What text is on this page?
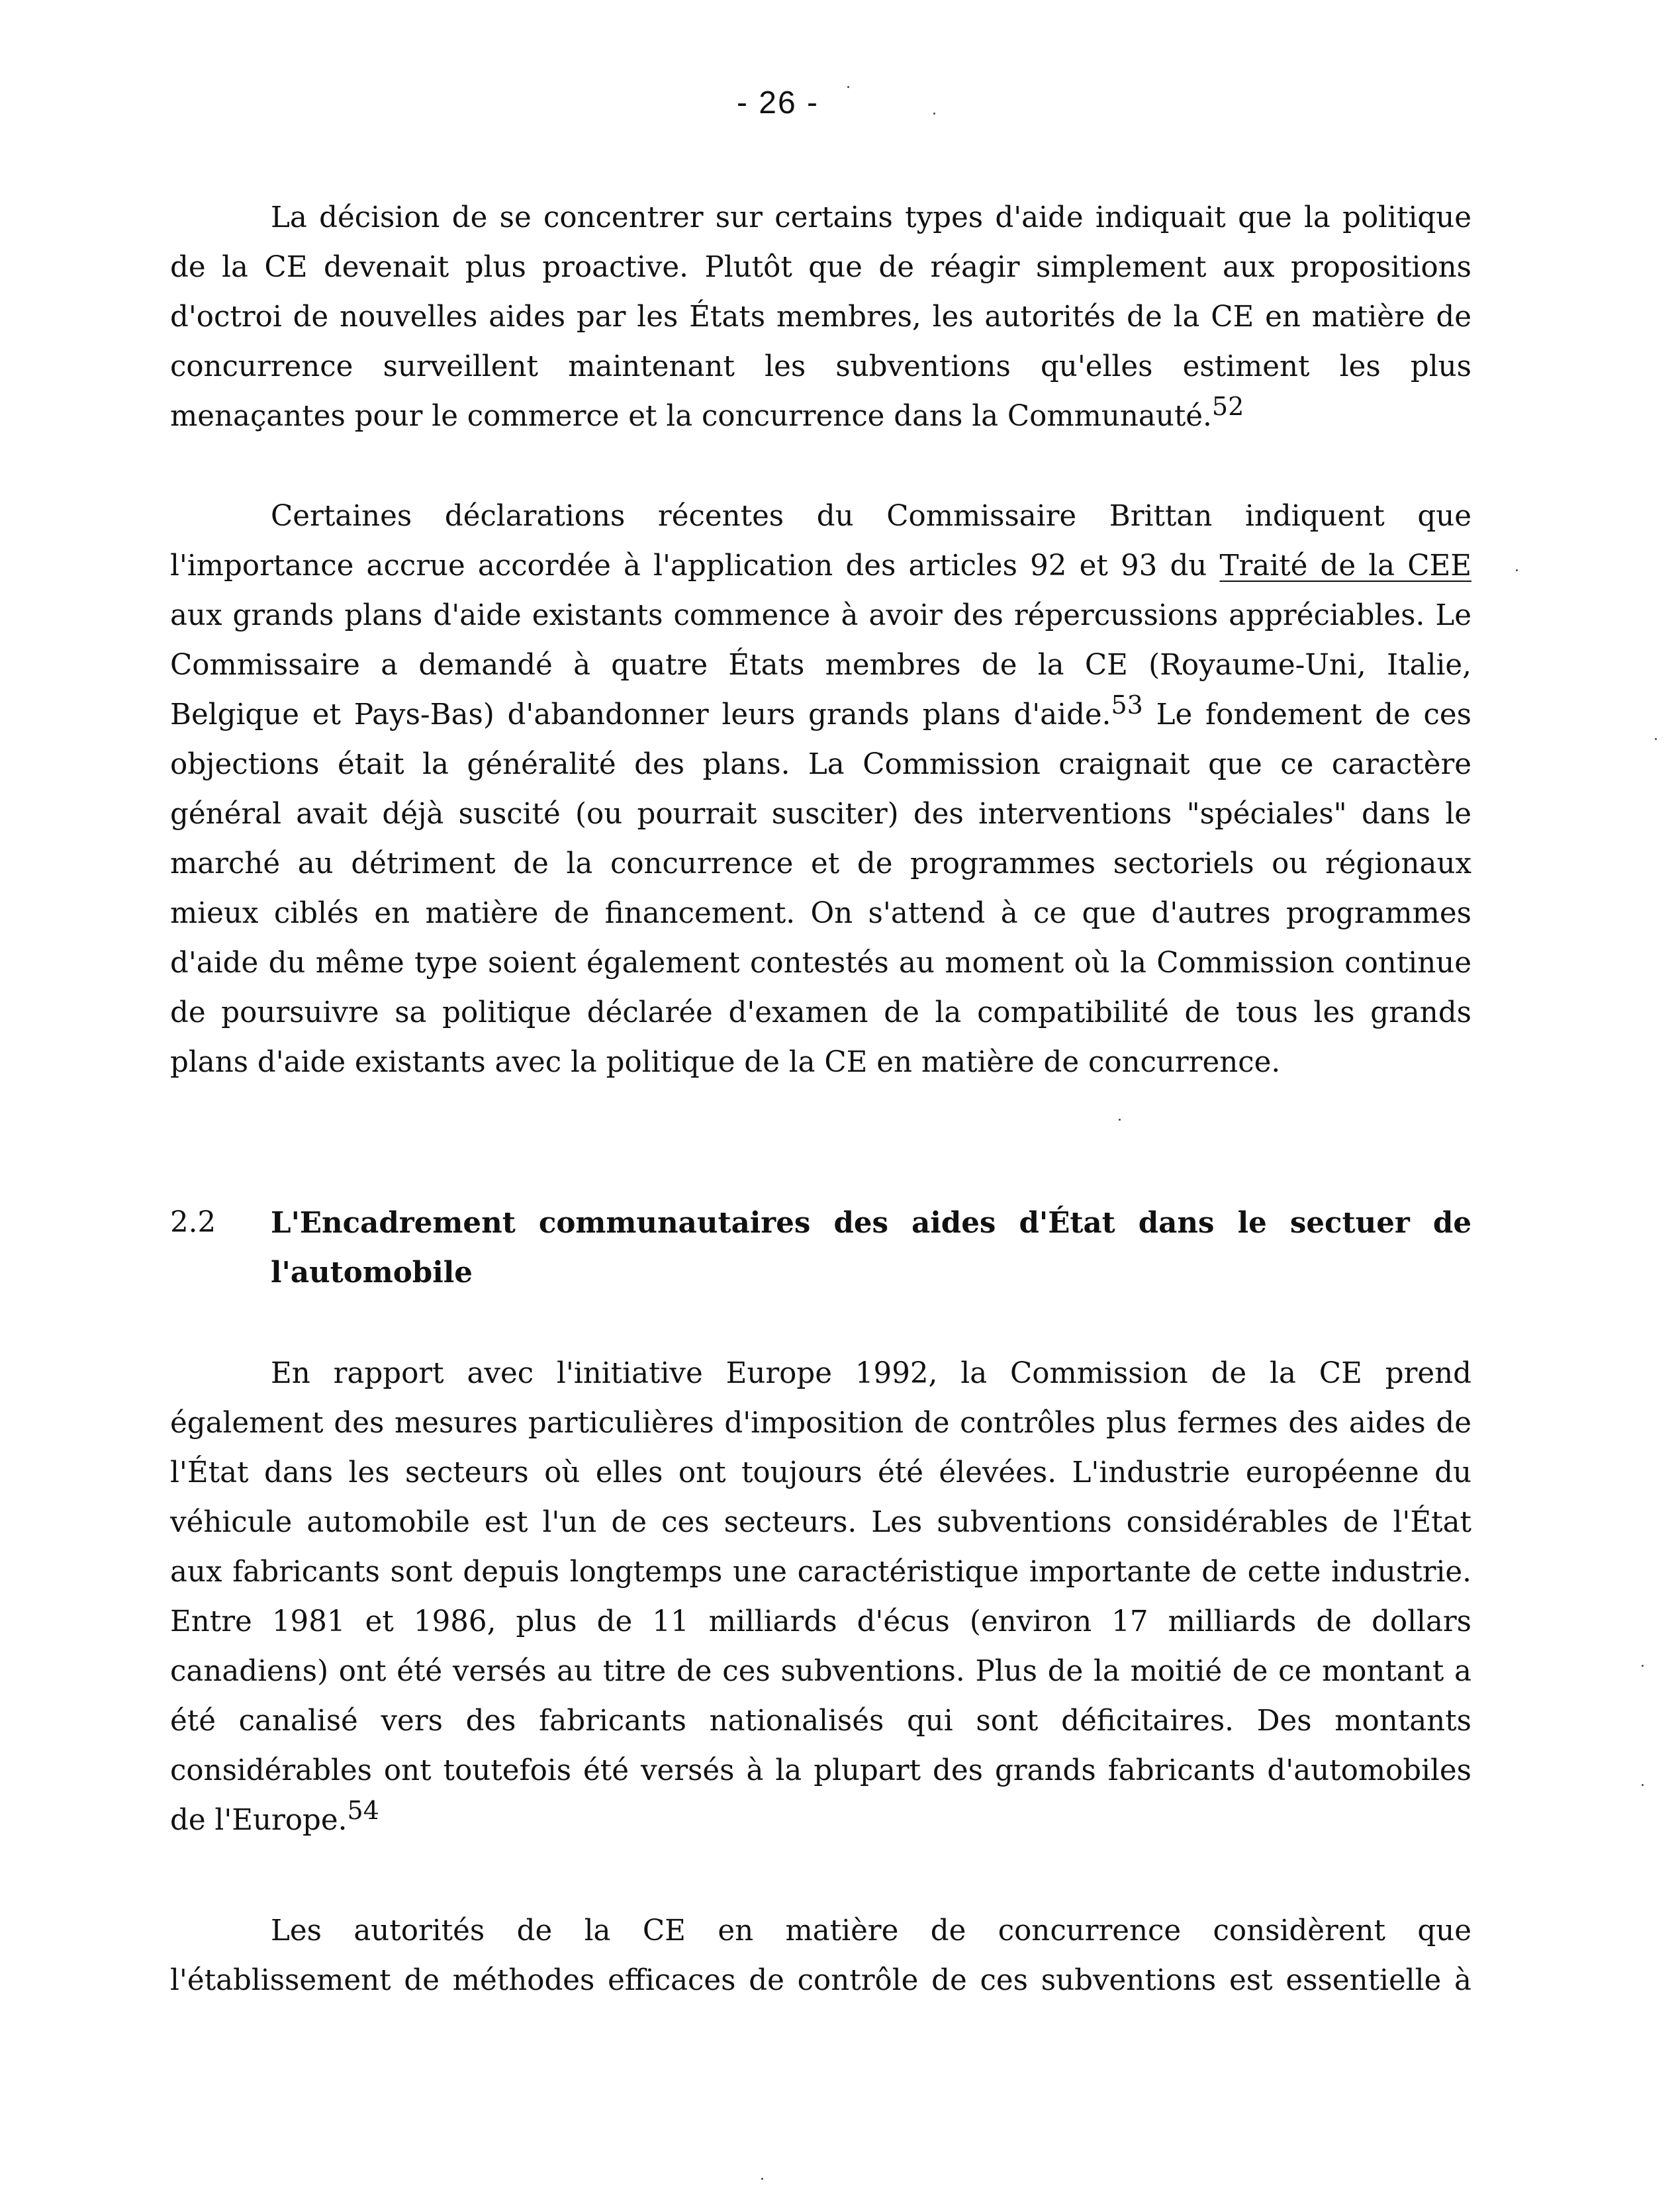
- 26 -

La décision de se concentrer sur certains types d'aide indiquait que la politique de la CE devenait plus proactive. Plutôt que de réagir simplement aux propositions d'octroi de nouvelles aides par les États membres, les autorités de la CE en matière de concurrence surveillent maintenant les subventions qu'elles estiment les plus menaçantes pour le commerce et la concurrence dans la Communauté.$^{52}$

Certaines déclarations récentes du Commissaire Brittan indiquent que l'importance accrue accordée à l'application des articles 92 et 93 du Traité de la CEE aux grands plans d'aide existants commence à avoir des répercussions appréciables. Le Commissaire a demandé à quatre États membres de la CE (Royaume-Uni, Italie, Belgique et Pays-Bas) d'abandonner leurs grands plans d'aide.$^{53}$ Le fondement de ces objections était la généralité des plans. La Commission craignait que ce caractère général avait déjà suscité (ou pourrait susciter) des interventions "spéciales" dans le marché au détriment de la concurrence et de programmes sectoriels ou régionaux mieux ciblés en matière de financement. On s'attend à ce que d'autres programmes d'aide du même type soient également contestés au moment où la Commission continue de poursuivre sa politique déclarée d'examen de la compatibilité de tous les grands plans d'aide existants avec la politique de la CE en matière de concurrence.

2.2 L'Encadrement communautaires des aides d'État dans le sectuer de l'automobile

En rapport avec l'initiative Europe 1992, la Commission de la CE prend également des mesures particulières d'imposition de contrôles plus fermes des aides de l'État dans les secteurs où elles ont toujours été élevées. L'industrie européenne du véhicule automobile est l'un de ces secteurs. Les subventions considérables de l'État aux fabricants sont depuis longtemps une caractéristique importante de cette industrie. Entre 1981 et 1986, plus de 11 milliards d'écus (environ 17 milliards de dollars canadiens) ont été versés au titre de ces subventions. Plus de la moitié de ce montant a été canalisé vers des fabricants nationalisés qui sont déficitaires. Des montants considérables ont toutefois été versés à la plupart des grands fabricants d'automobiles de l'Europe.$^{54}$

Les autorités de la CE en matière de concurrence considèrent que l'établissement de méthodes efficaces de contrôle de ces subventions est essentielle à
